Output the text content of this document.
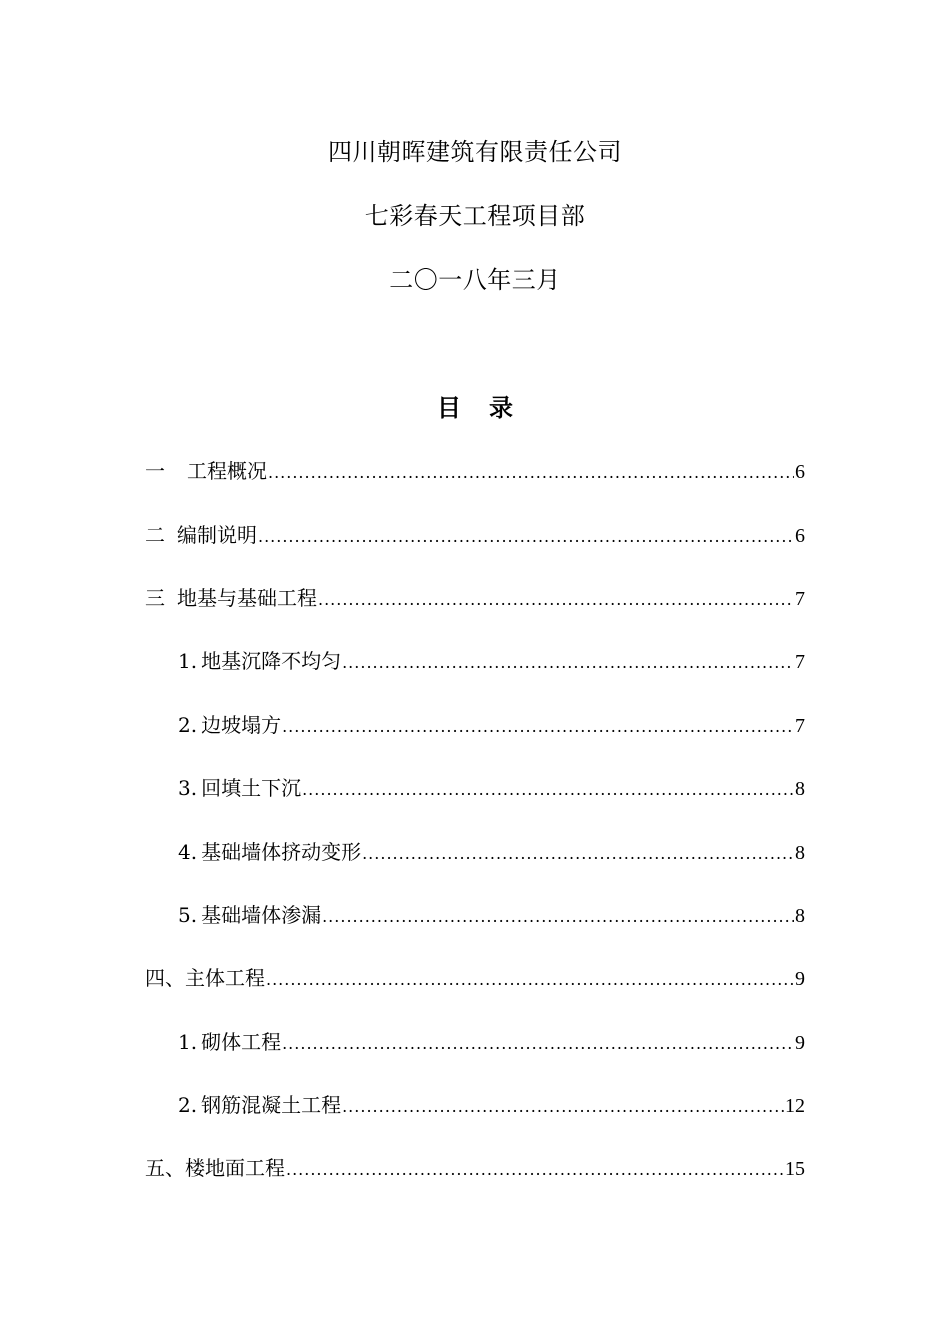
四川朝晖建筑有限责任公司
七彩春天工程项目部
二〇一八年三月
目 录
一 工程概况 .....	6
二 编制说明 .....	6
三 地基与基础工程 .....	7
1. 地基沉降不均匀 .....	7
2. 边坡塌方 .....	7
3. 回填土下沉 .....	8
4. 基础墙体挤动变形 .....	8
5. 基础墙体渗漏 .....	8
四、 主体工程 .....	9
1. 砌体工程 .....	9
2. 钢筋混凝土工程 .....	12
五、 楼地面工程 .....	15
